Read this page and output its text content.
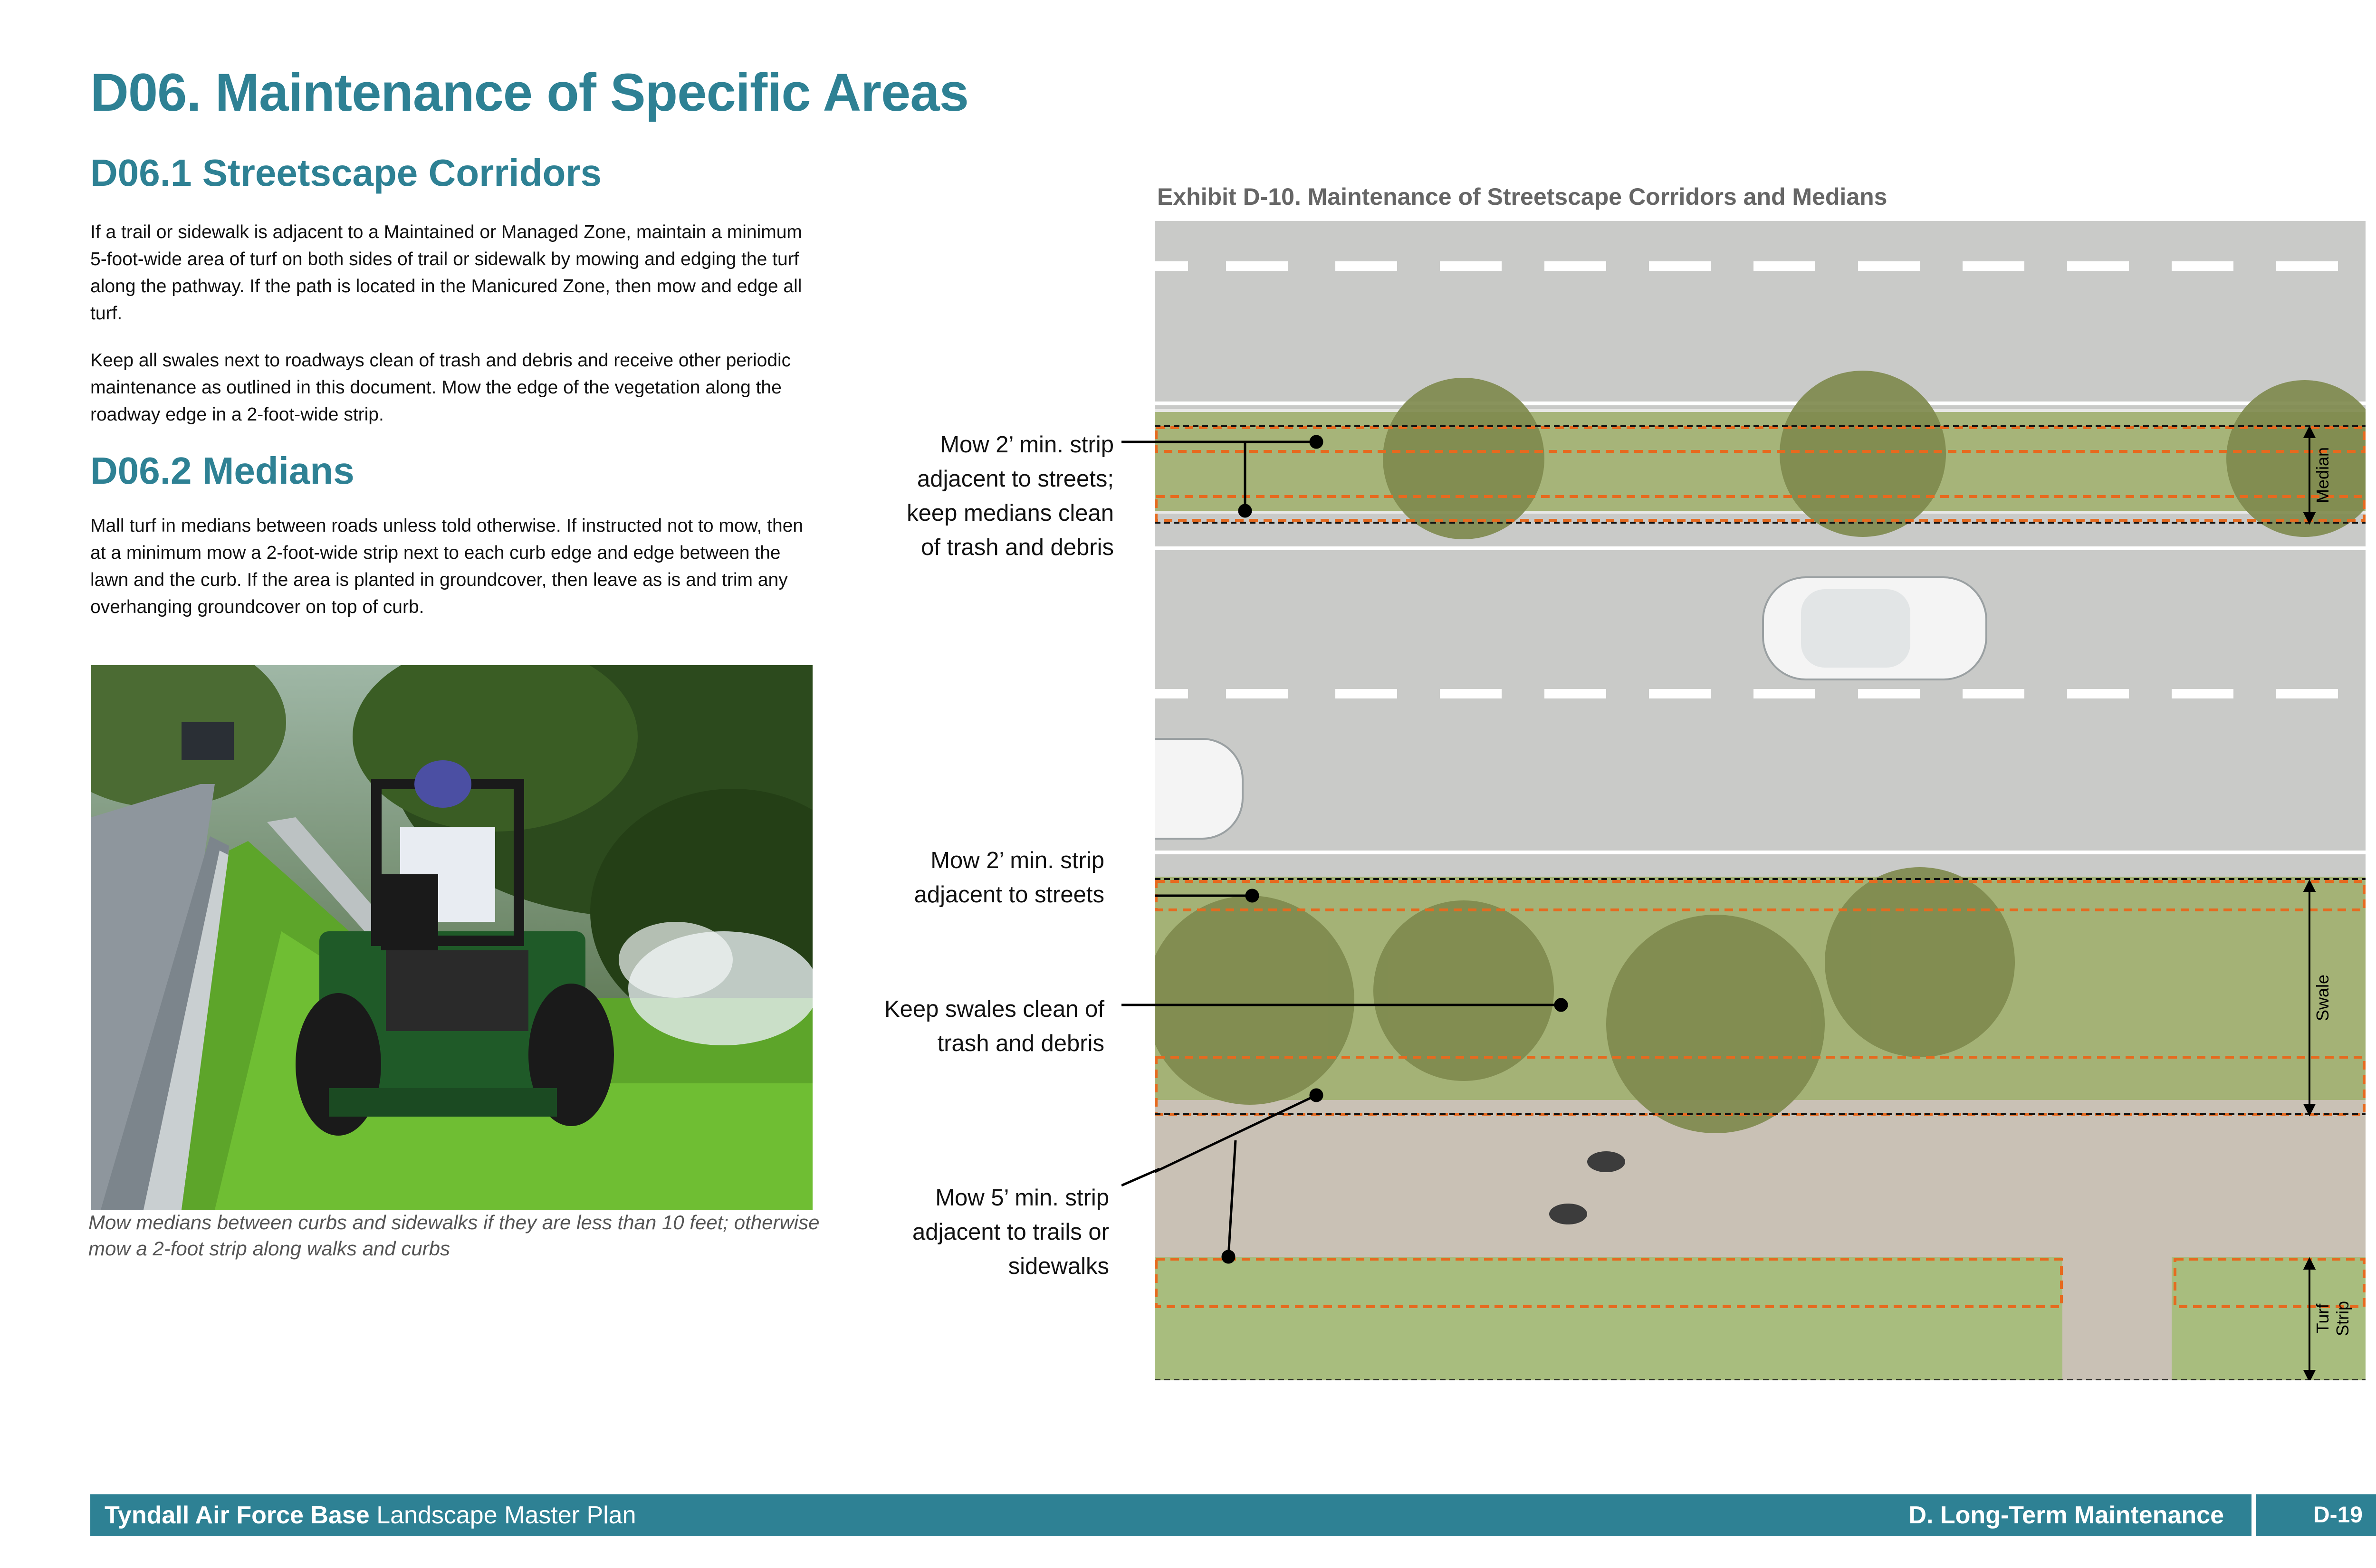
D06. Maintenance of Specific Areas
D06.1 Streetscape Corridors

If a trail or sidewalk is adjacent to a Maintained or Managed Zone, maintain a minimum 5-foot-wide area of turf on both sides of trail or sidewalk by mowing and edging the turf along the pathway. If the path is located in the Manicured Zone, then mow and edge all turf.

Keep all swales next to roadways clean of trash and debris and receive other periodic maintenance as outlined in this document. Mow the edge of the vegetation along the roadway edge in a 2-foot-wide strip.

D06.2 Medians

Mall turf in medians between roads unless told otherwise. If instructed not to mow, then at a minimum mow a 2-foot-wide strip next to each curb edge and edge between the lawn and the curb. If the area is planted in groundcover, then leave as is and trim any overhanging groundcover on top of curb.

Mow medians between curbs and sidewalks if they are less than 10 feet; otherwise mow a 2-foot strip along walks and curbs
Exhibit D-10. Maintenance of Streetscape Corridors and Medians
Median
Swale
Turf Strip
Mow 2’ min. strip
adjacent to streets;
keep medians clean
of trash and debris
Mow 2’ min. strip
adjacent to streets
Keep swales clean of
trash and debris
Mow 5’ min. strip
adjacent to trails or
sidewalks
Tyndall Air Force Base Landscape Master Plan	D. Long-Term Maintenance	D-19
